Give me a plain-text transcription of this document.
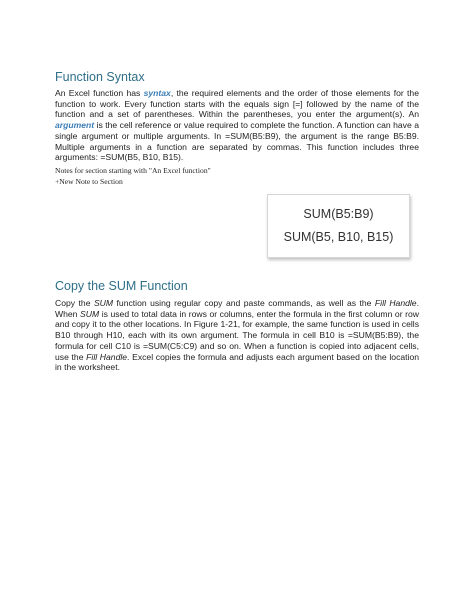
Function Syntax
An Excel function has syntax, the required elements and the order of those elements for the function to work. Every function starts with the equals sign [=] followed by the name of the function and a set of parentheses. Within the parentheses, you enter the argument(s). An argument is the cell reference or value required to complete the function. A function can have a single argument or multiple arguments. In =SUM(B5:B9), the argument is the range B5:B9. Multiple arguments in a function are separated by commas. This function includes three arguments: =SUM(B5, B10, B15).
Notes for section starting with "An Excel function"
+New Note to Section
SUM(B5:B9)
SUM(B5, B10, B15)
Copy the SUM Function
Copy the SUM function using regular copy and paste commands, as well as the Fill Handle. When SUM is used to total data in rows or columns, enter the formula in the first column or row and copy it to the other locations. In Figure 1-21, for example, the same function is used in cells B10 through H10, each with its own argument. The formula in cell B10 is =SUM(B5:B9), the formula for cell C10 is =SUM(C5:C9) and so on. When a function is copied into adjacent cells, use the Fill Handle. Excel copies the formula and adjusts each argument based on the location in the worksheet.
